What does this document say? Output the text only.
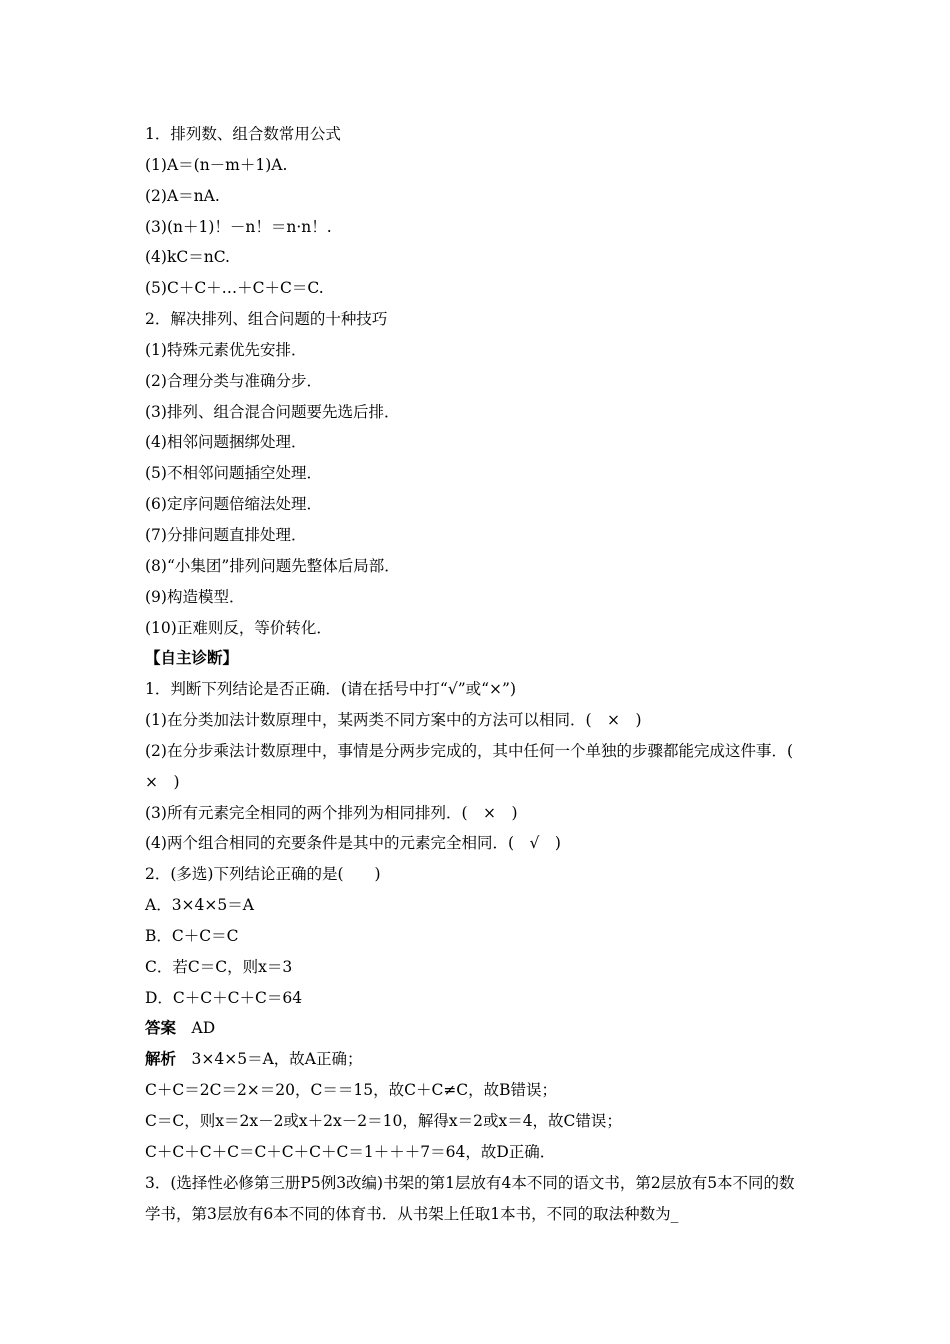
1．排列数、组合数常用公式
(1)A＝(n－m＋1)A.
(2)A＝nA.
(3)(n＋1)！－n！＝n·n！.
(4)kC＝nC.
(5)C＋C＋…＋C＋C＝C.
2．解决排列、组合问题的十种技巧
(1)特殊元素优先安排．
(2)合理分类与准确分步．
(3)排列、组合混合问题要先选后排．
(4)相邻问题捆绑处理．
(5)不相邻问题插空处理．
(6)定序问题倍缩法处理．
(7)分排问题直排处理．
(8)“小集团”排列问题先整体后局部．
(9)构造模型．
(10)正难则反，等价转化．
【自主诊断】
1．判断下列结论是否正确．(请在括号中打“√”或“×”)
(1)在分类加法计数原理中，某两类不同方案中的方法可以相同．(　×　)
(2)在分步乘法计数原理中，事情是分两步完成的，其中任何一个单独的步骤都能完成这件事．(　×　)
(3)所有元素完全相同的两个排列为相同排列．(　×　)
(4)两个组合相同的充要条件是其中的元素完全相同．(　√　)
2．(多选)下列结论正确的是(　　)
A．3×4×5＝A
B．C＋C＝C
C．若C＝C，则x＝3
D．C＋C＋C＋C＝64
答案  AD
解析  3×4×5＝A，故A正确；
C＋C＝2C＝2×＝20，C＝＝15，故C＋C≠C，故B错误；
C＝C，则x＝2x－2或x＋2x－2＝10，解得x＝2或x＝4，故C错误；
C＋C＋C＋C＝C＋C＋C＋C＝1＋＋＋7＝64，故D正确．
3．(选择性必修第三册P5例3改编)书架的第1层放有4本不同的语文书，第2层放有5本不同的数学书，第3层放有6本不同的体育书．从书架上任取1本书，不同的取法种数为_
